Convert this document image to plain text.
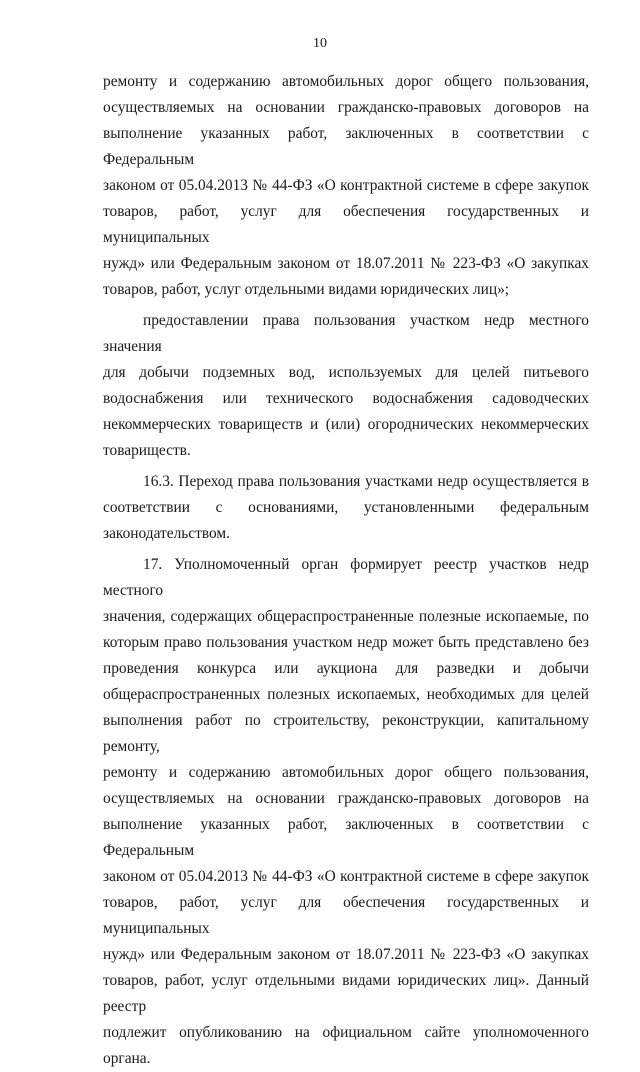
10

ремонту и содержанию автомобильных дорог общего пользования,

осуществляемых на основании гражданско-правовых договоров на

выполнение указанных работ, заключенных в соответствии с Федеральным

законом от 05.04.2013 № 44-ФЗ «О контрактной системе в сфере закупок

товаров, работ, услуг для обеспечения государственных и муниципальных

нужд» или Федеральным законом от 18.07.2011 № 223-ФЗ «О закупках

товаров, работ, услуг отдельными видами юридических лиц»;

предоставлении права пользования участком недр местного значения

для добычи подземных вод, используемых для целей питьевого

водоснабжения или технического водоснабжения садоводческих

некоммерческих товариществ и (или) огороднических некоммерческих

товариществ.

16.3. Переход права пользования участками недр осуществляется в

соответствии с основаниями, установленными федеральным

законодательством.

17. Уполномоченный орган формирует реестр участков недр местного

значения, содержащих общераспространенные полезные ископаемые, по

которым право пользования участком недр может быть представлено без

проведения конкурса или аукциона для разведки и добычи

общераспространенных полезных ископаемых, необходимых для целей

выполнения работ по строительству, реконструкции, капитальному ремонту,

ремонту и содержанию автомобильных дорог общего пользования,

осуществляемых на основании гражданско-правовых договоров на

выполнение указанных работ, заключенных в соответствии с Федеральным

законом от 05.04.2013 № 44-ФЗ «О контрактной системе в сфере закупок

товаров, работ, услуг для обеспечения государственных и муниципальных

нужд» или Федеральным законом от 18.07.2011 № 223-ФЗ «О закупках

товаров, работ, услуг отдельными видами юридических лиц». Данный реестр

подлежит опубликованию на официальном сайте уполномоченного органа.
